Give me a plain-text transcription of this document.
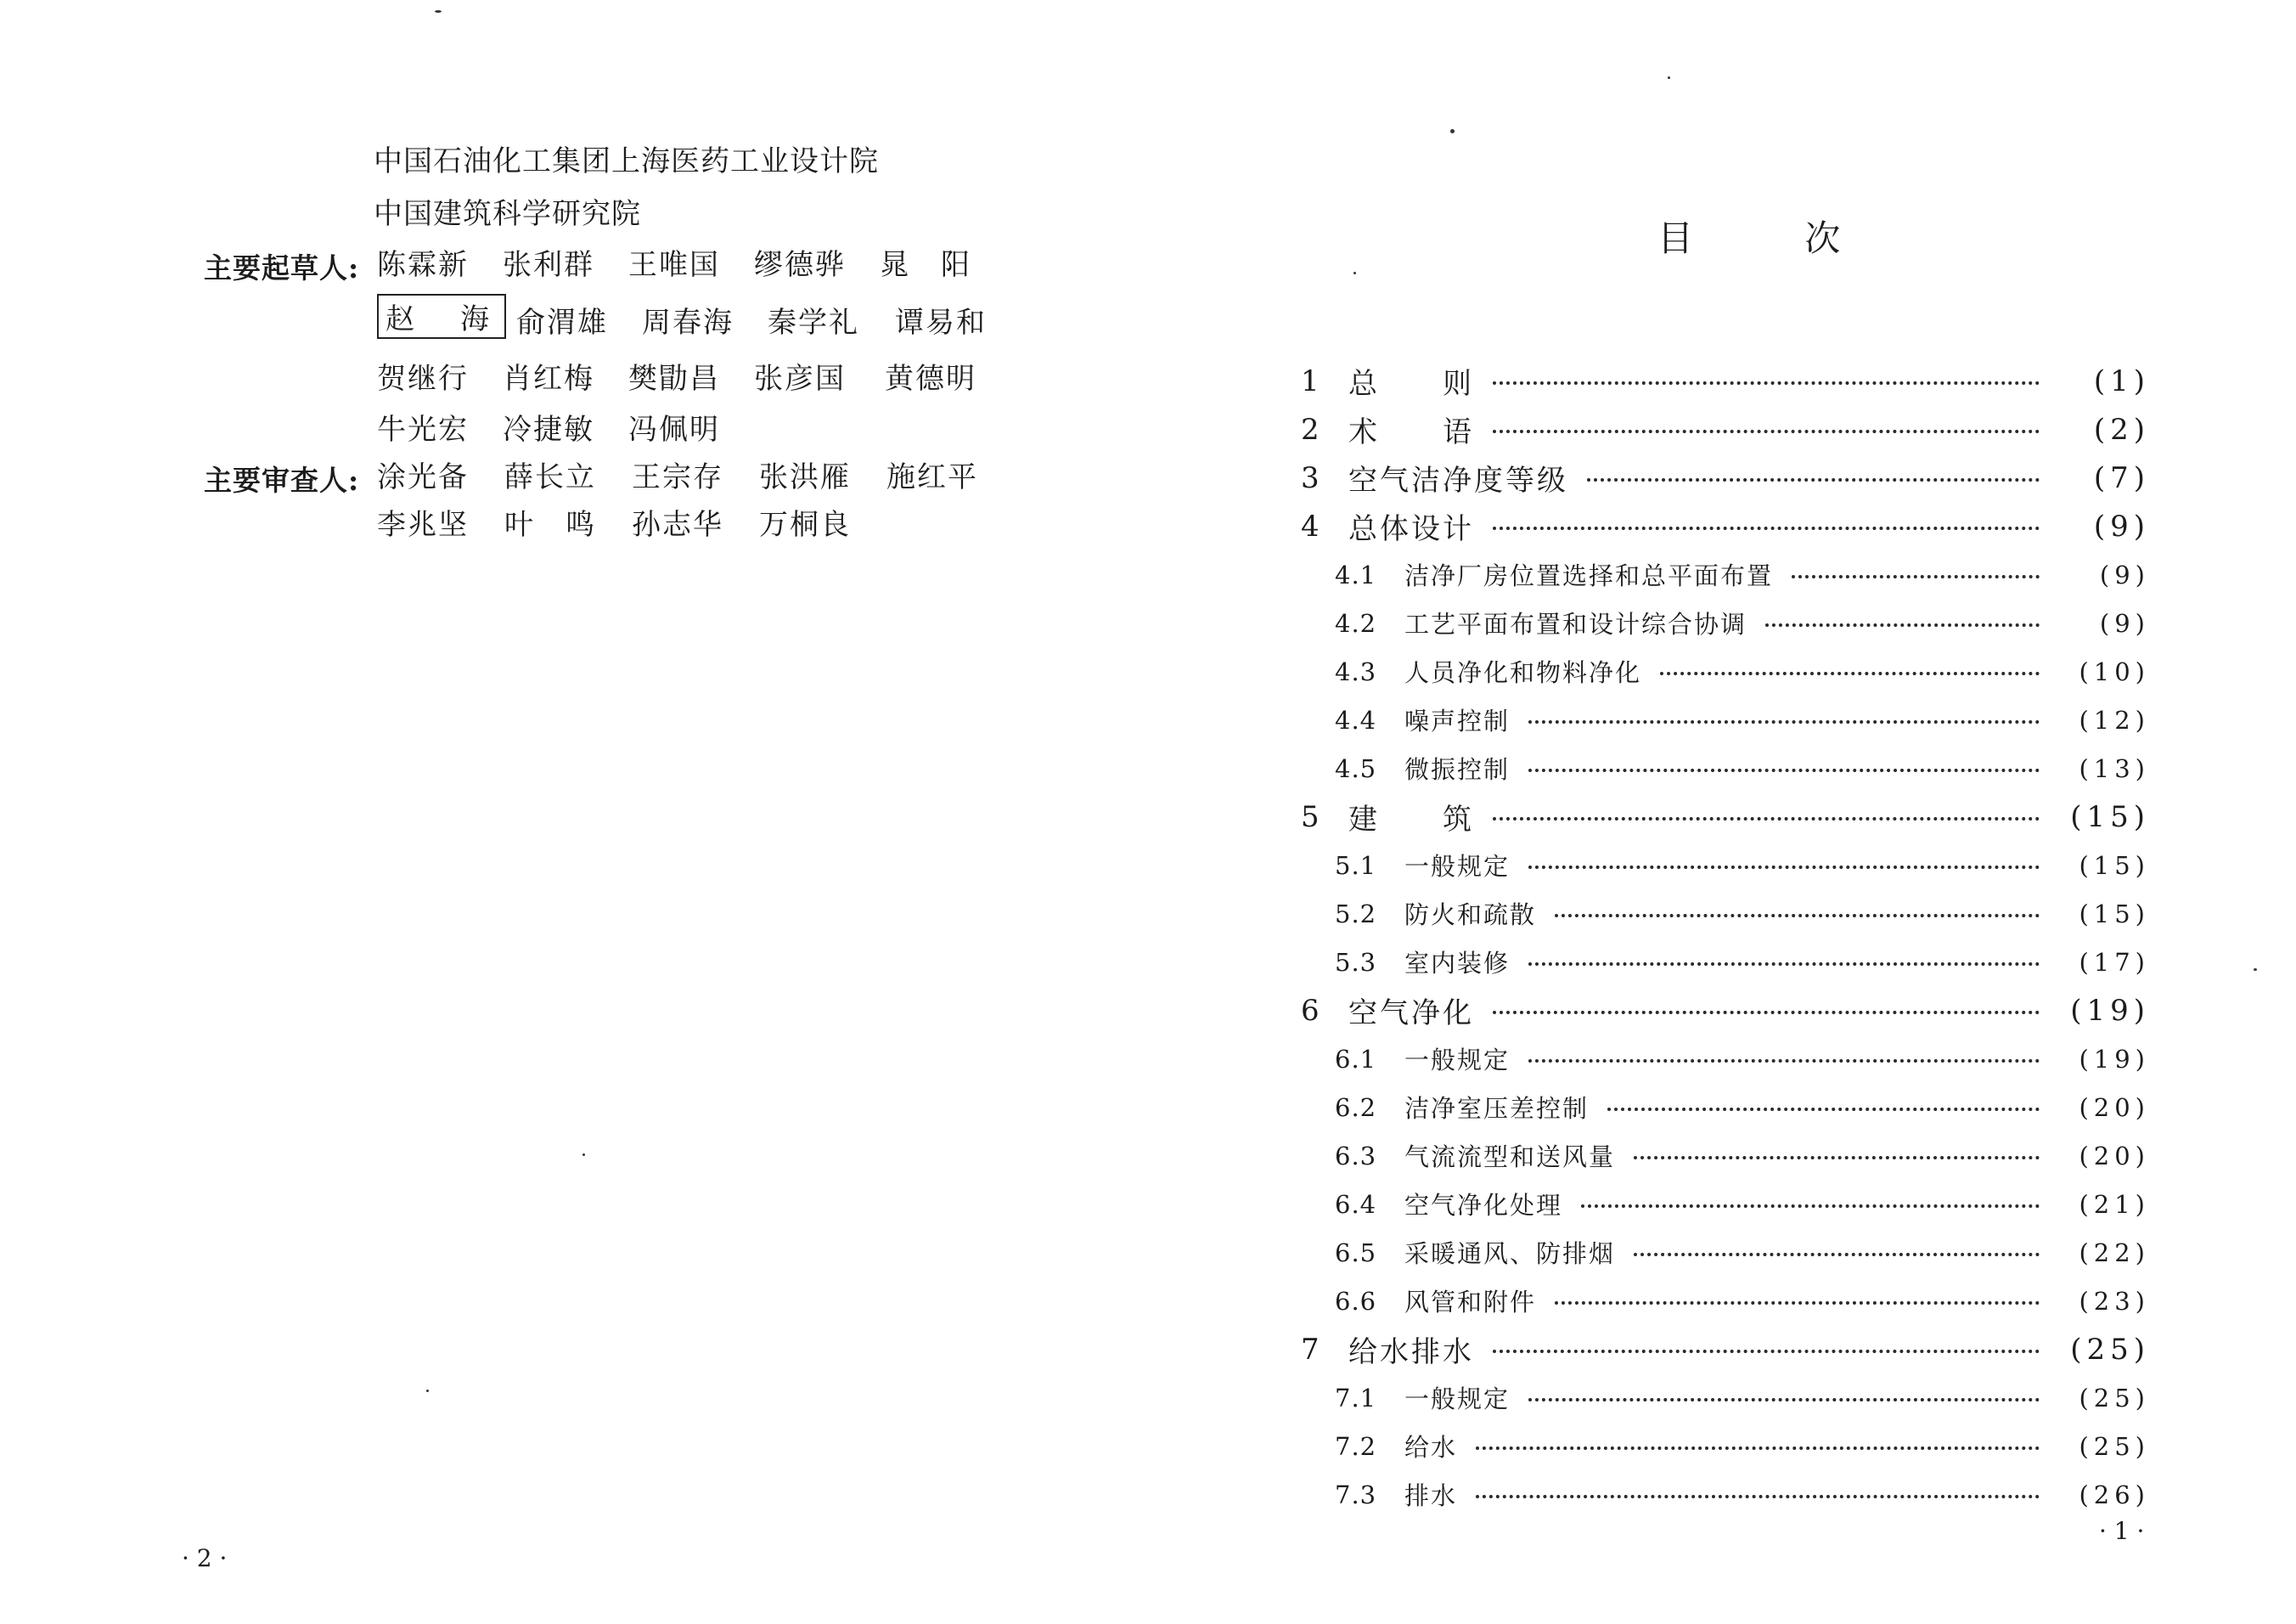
中国石油化工集团上海医药工业设计院
中国建筑科学研究院
主要起草人: 陈霖新 张利群 王唯国 缪德骅 晁　阳
赵　海 俞渭雄 周春海 秦学礼 谭易和
贺继行 肖红梅 樊勖昌 张彦国 黄德明
牛光宏 冷捷敏 冯佩明
主要审查人: 涂光备 薛长立 王宗存 张洪雁 施红平
李兆坚 叶　鸣 孙志华 万桐良
· 2 ·
目	次
1	总　　则	(1)
2	术　　语	(2)
3	空气洁净度等级	(7)
4	总体设计	(9)
4.1	洁净厂房位置选择和总平面布置	(9)
4.2	工艺平面布置和设计综合协调	(9)
4.3	人员净化和物料净化	(10)
4.4	噪声控制	(12)
4.5	微振控制	(13)
5	建　　筑	(15)
5.1	一般规定	(15)
5.2	防火和疏散	(15)
5.3	室内装修	(17)
6	空气净化	(19)
6.1	一般规定	(19)
6.2	洁净室压差控制	(20)
6.3	气流流型和送风量	(20)
6.4	空气净化处理	(21)
6.5	采暖通风、防排烟	(22)
6.6	风管和附件	(23)
7	给水排水	(25)
7.1	一般规定	(25)
7.2	给水	(25)
7.3	排水	(26)
· 1 ·
